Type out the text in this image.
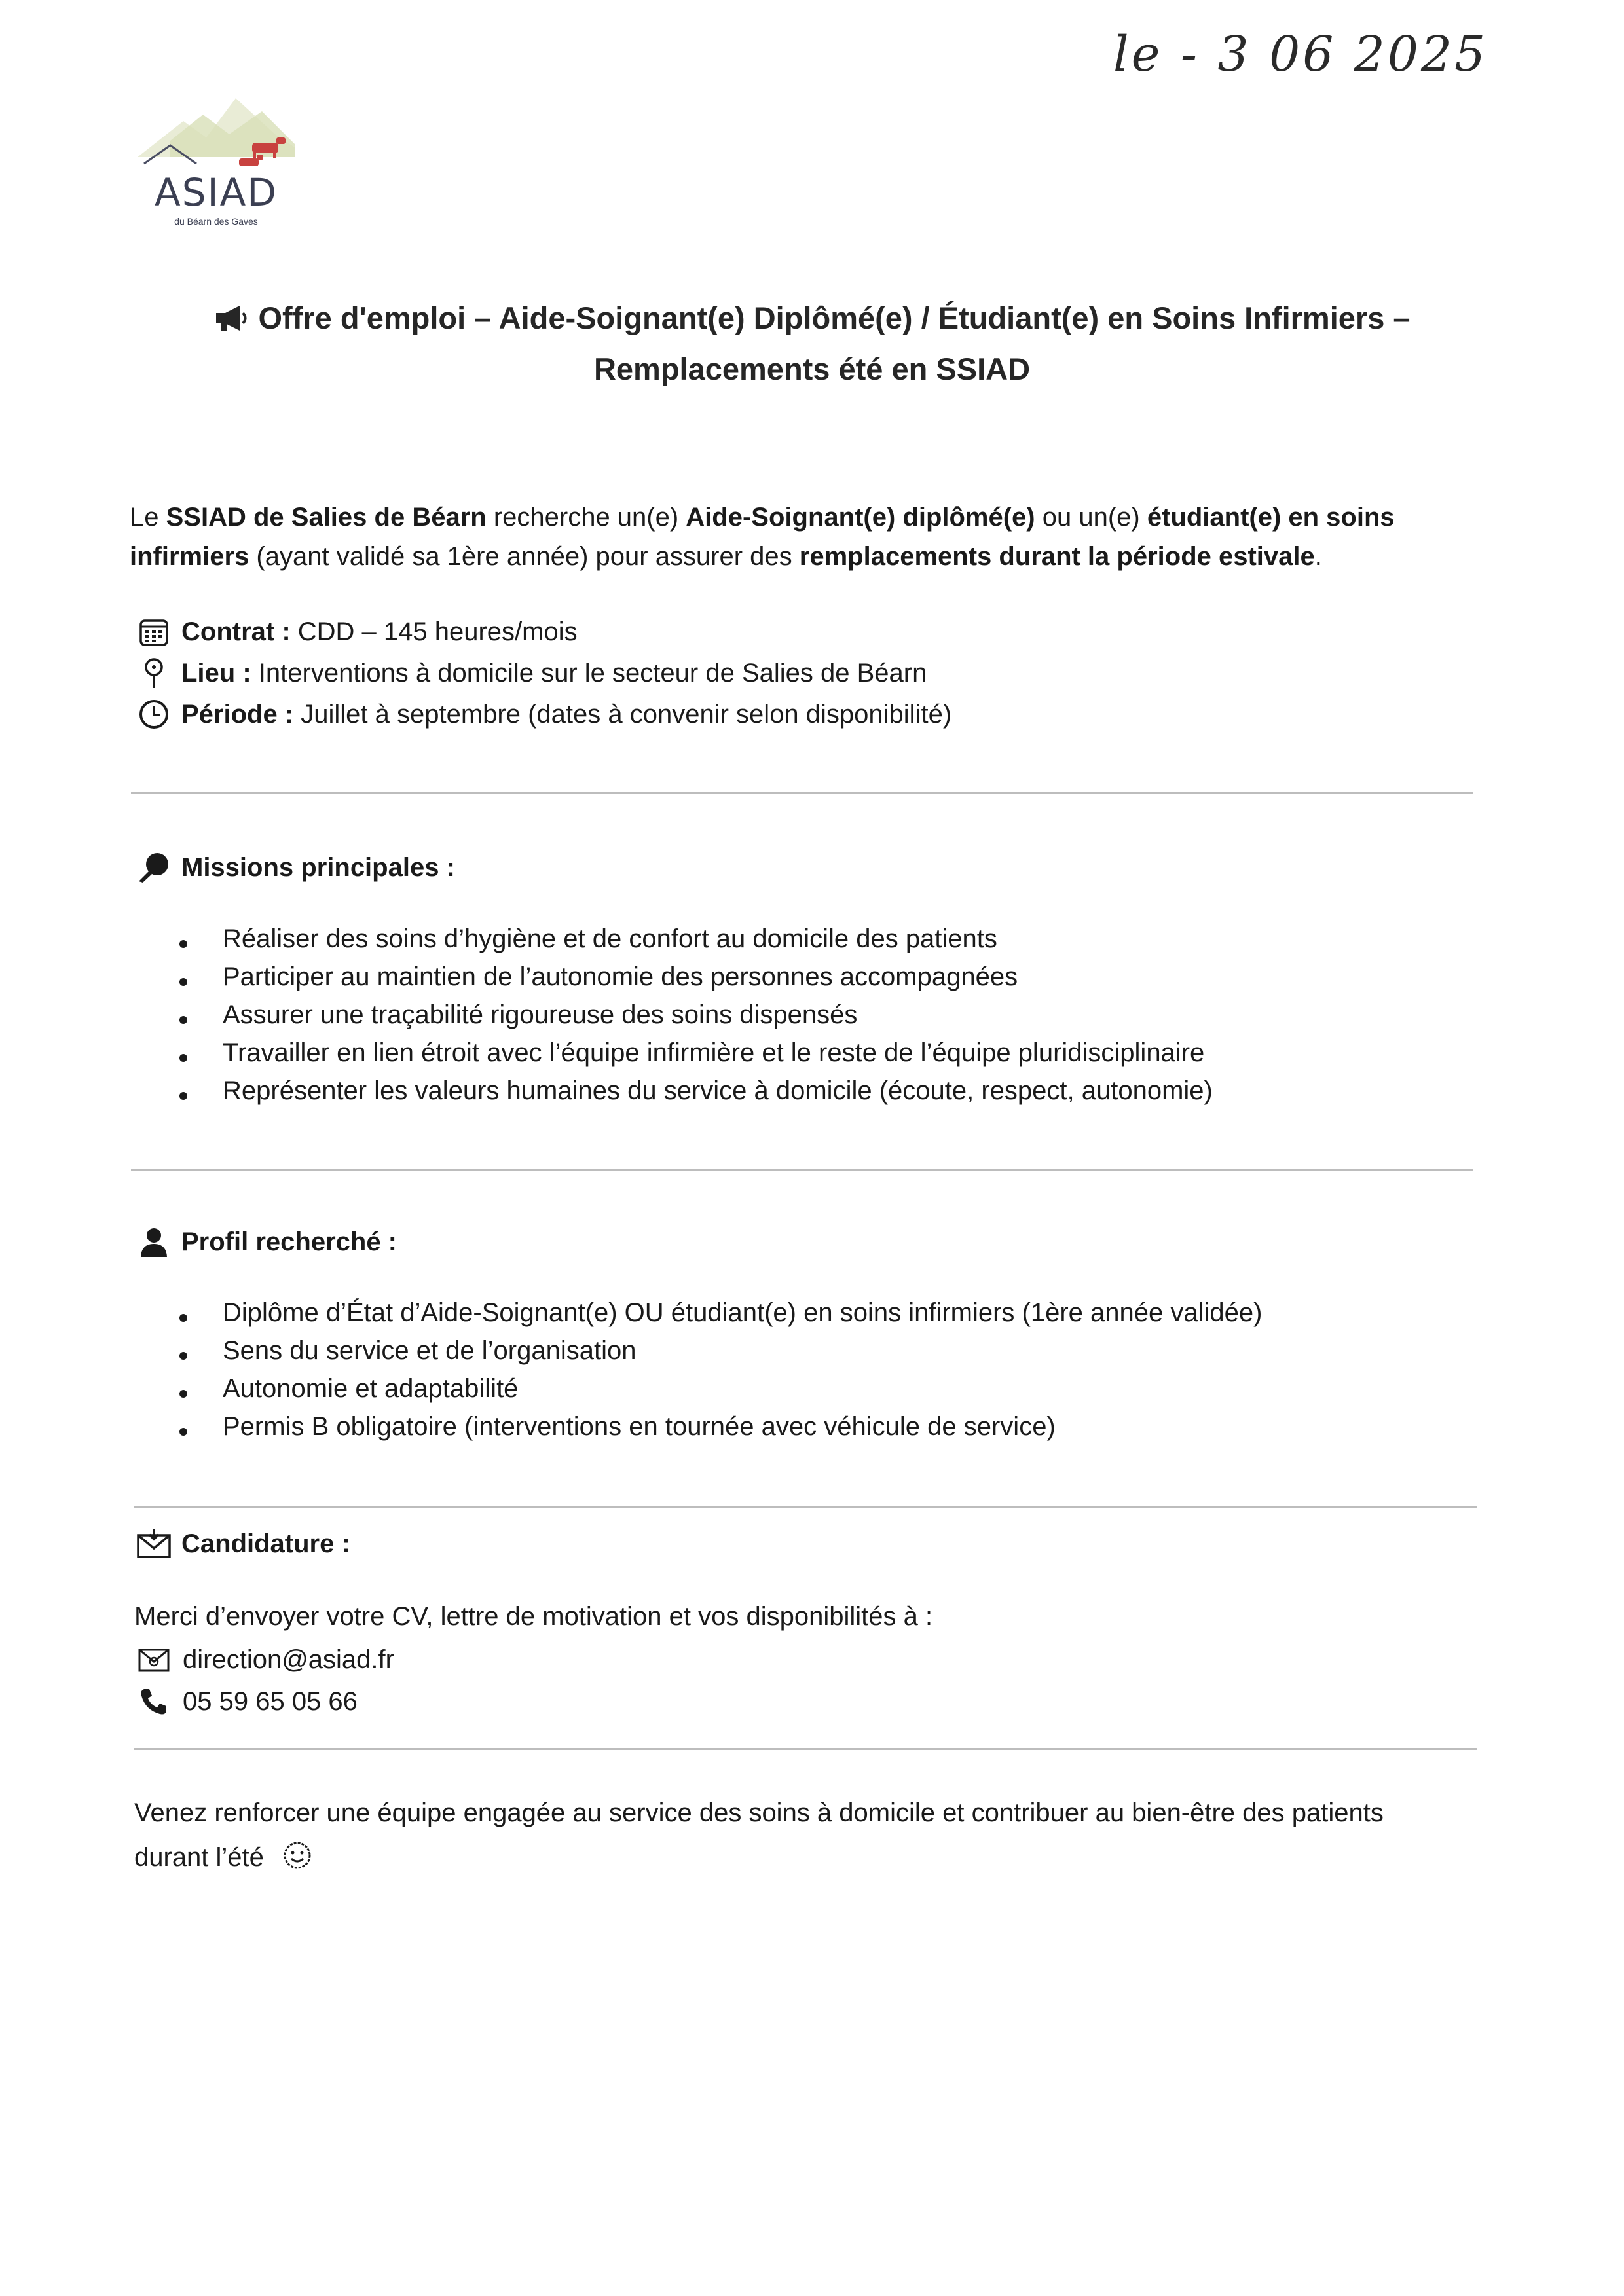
le - 3 06 2025
ASIAD
du Béarn des Gaves
Offre d'emploi – Aide-Soignant(e) Diplômé(e) / Étudiant(e) en Soins Infirmiers –
Remplacements été en SSIAD
Le SSIAD de Salies de Béarn recherche un(e) Aide-Soignant(e) diplômé(e) ou un(e) étudiant(e) en soins infirmiers (ayant validé sa 1ère année) pour assurer des remplacements durant la période estivale.
Contrat : CDD – 145 heures/mois
Lieu : Interventions à domicile sur le secteur de Salies de Béarn
Période : Juillet à septembre (dates à convenir selon disponibilité)
Missions principales :
Réaliser des soins d’hygiène et de confort au domicile des patients
Participer au maintien de l’autonomie des personnes accompagnées
Assurer une traçabilité rigoureuse des soins dispensés
Travailler en lien étroit avec l’équipe infirmière et le reste de l’équipe pluridisciplinaire
Représenter les valeurs humaines du service à domicile (écoute, respect, autonomie)
Profil recherché :
Diplôme d’État d’Aide-Soignant(e) OU étudiant(e) en soins infirmiers (1ère année validée)
Sens du service et de l’organisation
Autonomie et adaptabilité
Permis B obligatoire (interventions en tournée avec véhicule de service)
Candidature :
Merci d’envoyer votre CV, lettre de motivation et vos disponibilités à :
direction@asiad.fr
05 59 65 05 66
Venez renforcer une équipe engagée au service des soins à domicile et contribuer au bien-être des patients
durant l’été
